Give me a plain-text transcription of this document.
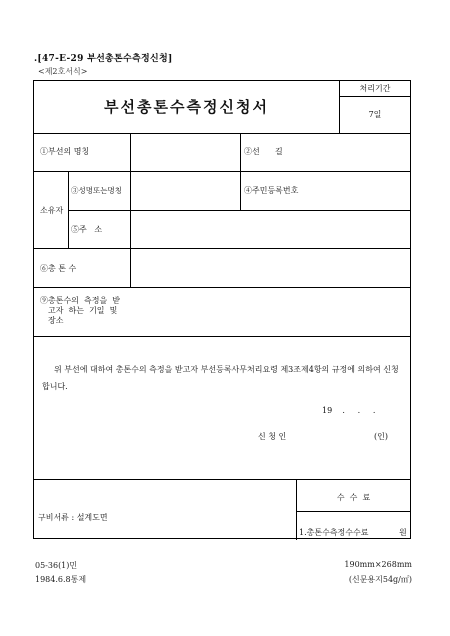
.[47-E-29 부선총톤수측정신청]
<제2호서식>
부선총톤수측정신청서
처리기간
7일
①부선의 명칭	②선      길
소유자
③성명또는명칭	④주민등록번호
⑤주   소
⑥총 톤 수
⑨총톤수의  측정을  받
고자  하는  기일  및
장소
위 부선에 대하여 총톤수의 측정을 받고자 부선등록사무처리요령 제3조제4항의 규정에 의하여 신청합니다.
19    .     .     .
신 청 인	(인)
구비서류 : 설계도면
수  수  료
1.총톤수측정수수료	원
05-36(1)민
1984.6.8통제
190mm×268mm
(신문용지54g/㎡)
